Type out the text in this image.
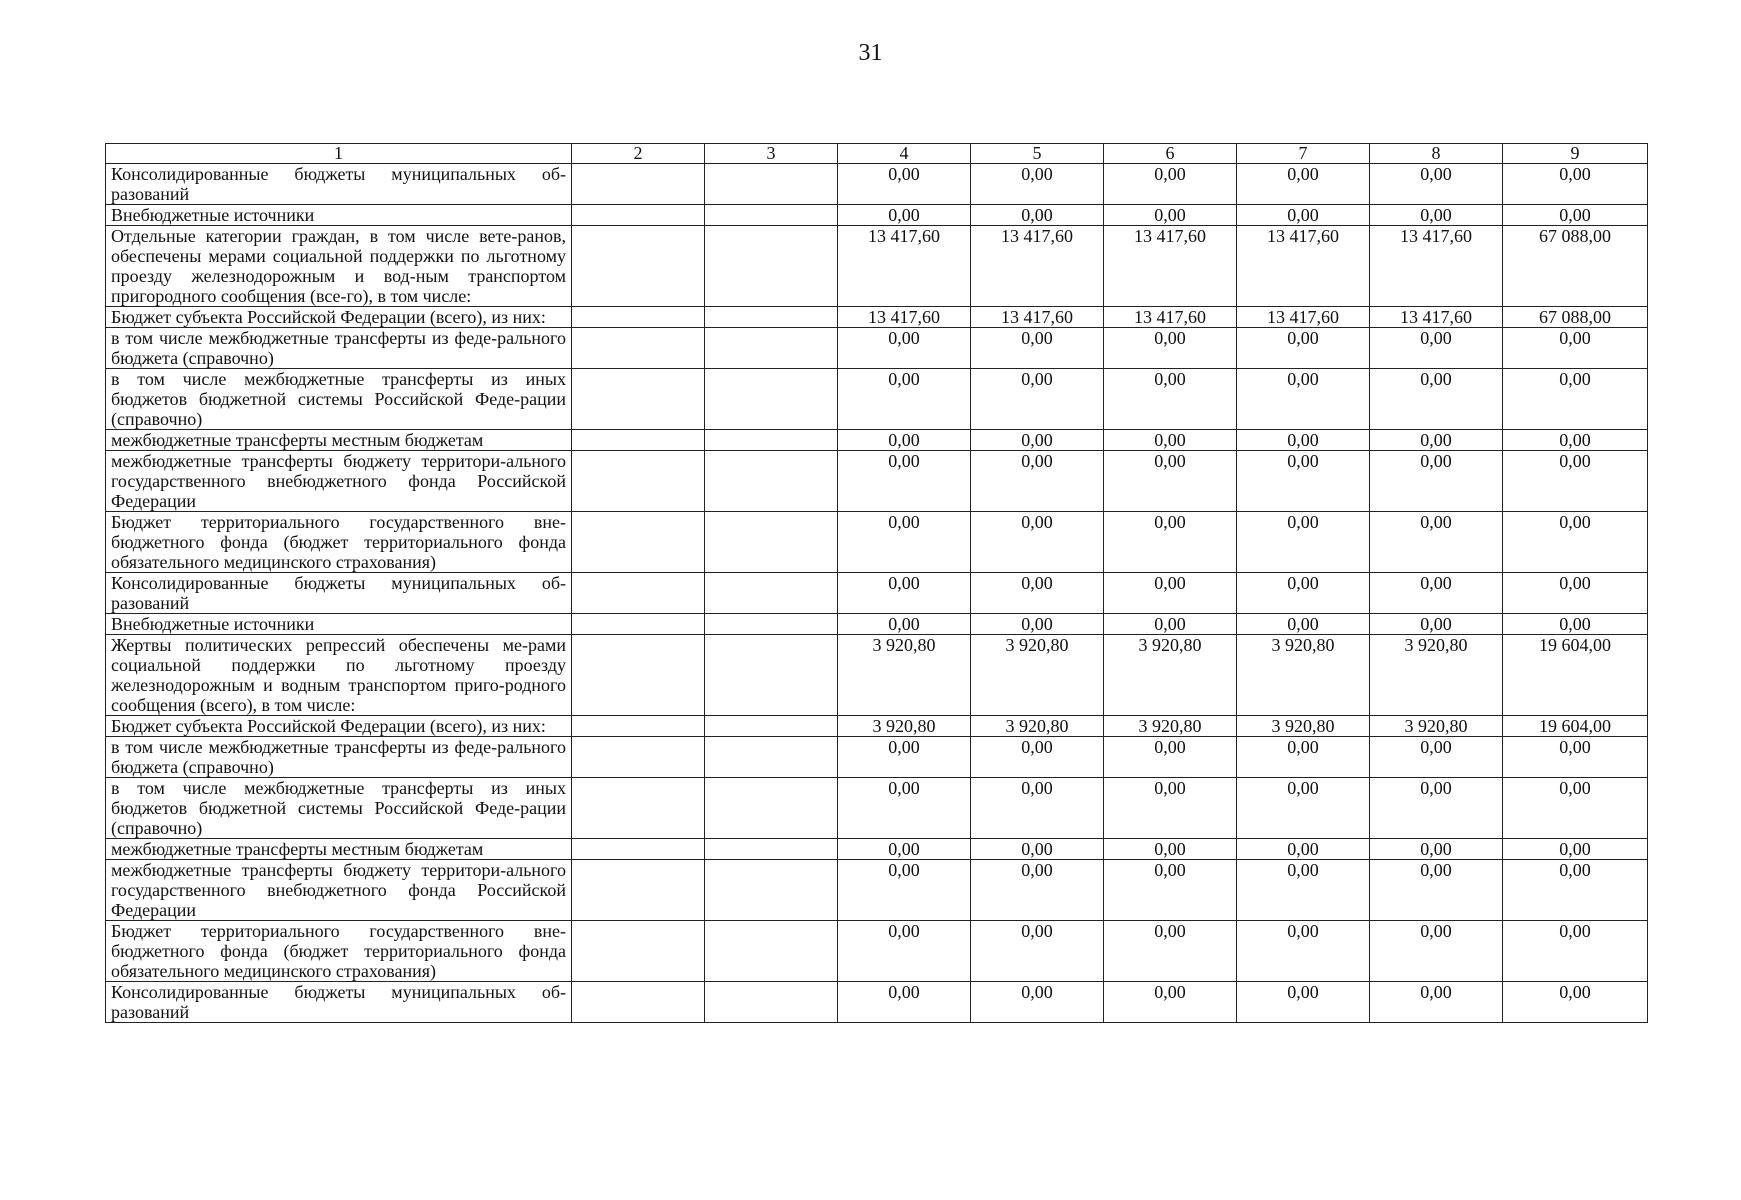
31
1	2	3	4	5	6	7	8	9
Консолидированные бюджеты муниципальных об-разований			0,00	0,00	0,00	0,00	0,00	0,00
Внебюджетные источники			0,00	0,00	0,00	0,00	0,00	0,00
Отдельные категории граждан, в том числе вете-ранов, обеспечены мерами социальной поддержки по льготному проезду железнодорожным и вод-ным транспортом пригородного сообщения (все-го), в том числе:			13 417,60	13 417,60	13 417,60	13 417,60	13 417,60	67 088,00
Бюджет субъекта Российской Федерации (всего), из них:			13 417,60	13 417,60	13 417,60	13 417,60	13 417,60	67 088,00
в том числе межбюджетные трансферты из феде-рального бюджета (справочно)			0,00	0,00	0,00	0,00	0,00	0,00
в том числе межбюджетные трансферты из иных бюджетов бюджетной системы Российской Феде-рации (справочно)			0,00	0,00	0,00	0,00	0,00	0,00
межбюджетные трансферты местным бюджетам			0,00	0,00	0,00	0,00	0,00	0,00
межбюджетные трансферты бюджету территори-ального государственного внебюджетного фонда Российской Федерации			0,00	0,00	0,00	0,00	0,00	0,00
Бюджет территориального государственного вне-бюджетного фонда (бюджет территориального фонда обязательного медицинского страхования)			0,00	0,00	0,00	0,00	0,00	0,00
Консолидированные бюджеты муниципальных об-разований			0,00	0,00	0,00	0,00	0,00	0,00
Внебюджетные источники			0,00	0,00	0,00	0,00	0,00	0,00
Жертвы политических репрессий обеспечены ме-рами социальной поддержки по льготному проезду железнодорожным и водным транспортом приго-родного сообщения (всего), в том числе:			3 920,80	3 920,80	3 920,80	3 920,80	3 920,80	19 604,00
Бюджет субъекта Российской Федерации (всего), из них:			3 920,80	3 920,80	3 920,80	3 920,80	3 920,80	19 604,00
в том числе межбюджетные трансферты из феде-рального бюджета (справочно)			0,00	0,00	0,00	0,00	0,00	0,00
в том числе межбюджетные трансферты из иных бюджетов бюджетной системы Российской Феде-рации (справочно)			0,00	0,00	0,00	0,00	0,00	0,00
межбюджетные трансферты местным бюджетам			0,00	0,00	0,00	0,00	0,00	0,00
межбюджетные трансферты бюджету территори-ального государственного внебюджетного фонда Российской Федерации			0,00	0,00	0,00	0,00	0,00	0,00
Бюджет территориального государственного вне-бюджетного фонда (бюджет территориального фонда обязательного медицинского страхования)			0,00	0,00	0,00	0,00	0,00	0,00
Консолидированные бюджеты муниципальных об-разований			0,00	0,00	0,00	0,00	0,00	0,00
